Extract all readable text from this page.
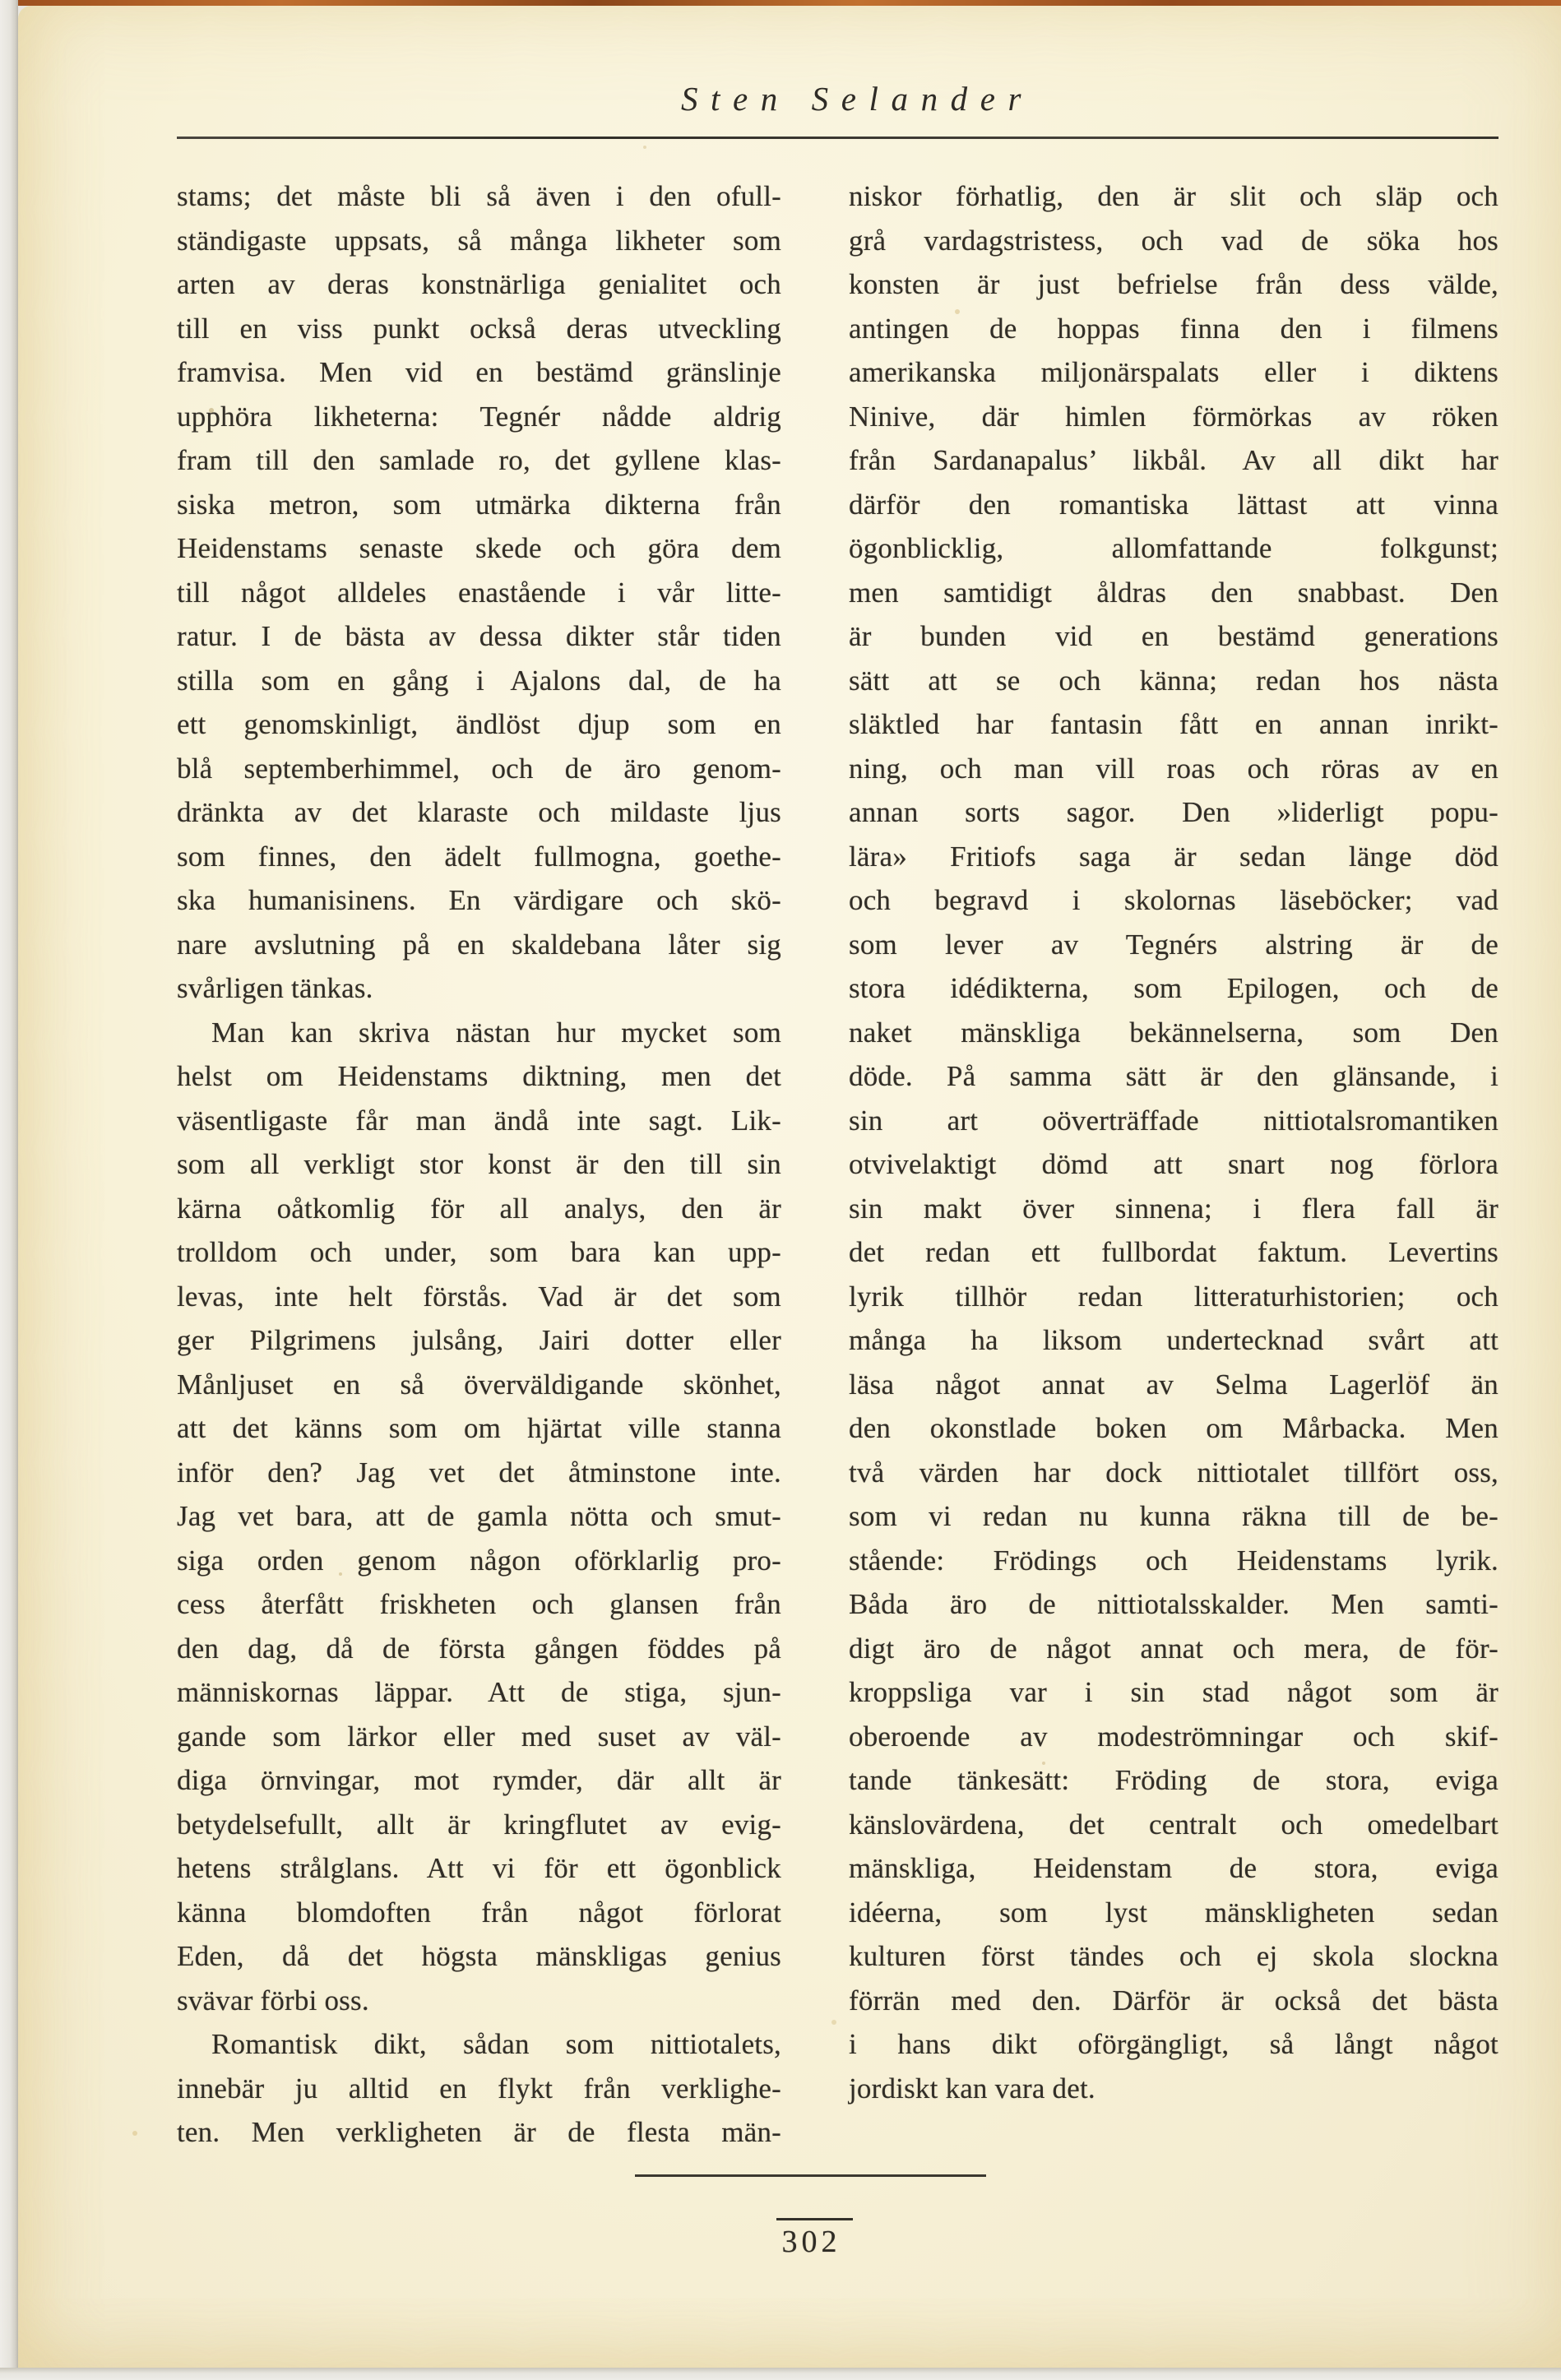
Sten Selander
stams; det måste bli så även i den ofull-
ständigaste uppsats, så många likheter som
arten av deras konstnärliga genialitet och
till en viss punkt också deras utveckling
framvisa. Men vid en bestämd gränslinje
upphöra likheterna: Tegnér nådde aldrig
fram till den samlade ro, det gyllene klas-
siska metron, som utmärka dikterna från
Heidenstams senaste skede och göra dem
till något alldeles enastående i vår litte-
ratur. I de bästa av dessa dikter står tiden
stilla som en gång i Ajalons dal, de ha
ett genomskinligt, ändlöst djup som en
blå septemberhimmel, och de äro genom-
dränkta av det klaraste och mildaste ljus
som finnes, den ädelt fullmogna, goethe-
ska humanisinens. En värdigare och skö-
nare avslutning på en skaldebana låter sig
svårligen tänkas.
Man kan skriva nästan hur mycket som
helst om Heidenstams diktning, men det
väsentligaste får man ändå inte sagt. Lik-
som all verkligt stor konst är den till sin
kärna oåtkomlig för all analys, den är
trolldom och under, som bara kan upp-
levas, inte helt förstås. Vad är det som
ger Pilgrimens julsång, Jairi dotter eller
Månljuset en så överväldigande skönhet,
att det känns som om hjärtat ville stanna
inför den? Jag vet det åtminstone inte.
Jag vet bara, att de gamla nötta och smut-
siga orden genom någon oförklarlig pro-
cess återfått friskheten och glansen från
den dag, då de första gången föddes på
människornas läppar. Att de stiga, sjun-
gande som lärkor eller med suset av väl-
diga örnvingar, mot rymder, där allt är
betydelsefullt, allt är kringflutet av evig-
hetens strålglans. Att vi för ett ögonblick
känna blomdoften från något förlorat
Eden, då det högsta mänskligas genius
svävar förbi oss.
Romantisk dikt, sådan som nittiotalets,
innebär ju alltid en flykt från verklighe-
ten. Men verkligheten är de flesta män-
niskor förhatlig, den är slit och släp och
grå vardagstristess, och vad de söka hos
konsten är just befrielse från dess välde,
antingen de hoppas finna den i filmens
amerikanska miljonärspalats eller i diktens
Ninive, där himlen förmörkas av röken
från Sardanapalus’ likbål. Av all dikt har
därför den romantiska lättast att vinna
ögonblicklig, allomfattande folkgunst;
men samtidigt åldras den snabbast. Den
är bunden vid en bestämd generations
sätt att se och känna; redan hos nästa
släktled har fantasin fått en annan inrikt-
ning, och man vill roas och röras av en
annan sorts sagor. Den »liderligt popu-
lära» Fritiofs saga är sedan länge död
och begravd i skolornas läseböcker; vad
som lever av Tegnérs alstring är de
stora idédikterna, som Epilogen, och de
naket mänskliga bekännelserna, som Den
döde. På samma sätt är den glänsande, i
sin art oöverträffade nittiotalsromantiken
otvivelaktigt dömd att snart nog förlora
sin makt över sinnena; i flera fall är
det redan ett fullbordat faktum. Levertins
lyrik tillhör redan litteraturhistorien; och
många ha liksom undertecknad svårt att
läsa något annat av Selma Lagerlöf än
den okonstlade boken om Mårbacka. Men
två värden har dock nittiotalet tillfört oss,
som vi redan nu kunna räkna till de be-
stående: Frödings och Heidenstams lyrik.
Båda äro de nittiotalsskalder. Men samti-
digt äro de något annat och mera, de för-
kroppsliga var i sin stad något som är
oberoende av modeströmningar och skif-
tande tänkesätt: Fröding de stora, eviga
känslovärdena, det centralt och omedelbart
mänskliga, Heidenstam de stora, eviga
idéerna, som lyst mänskligheten sedan
kulturen först tändes och ej skola slockna
förrän med den. Därför är också det bästa
i hans dikt oförgängligt, så långt något
jordiskt kan vara det.
302
